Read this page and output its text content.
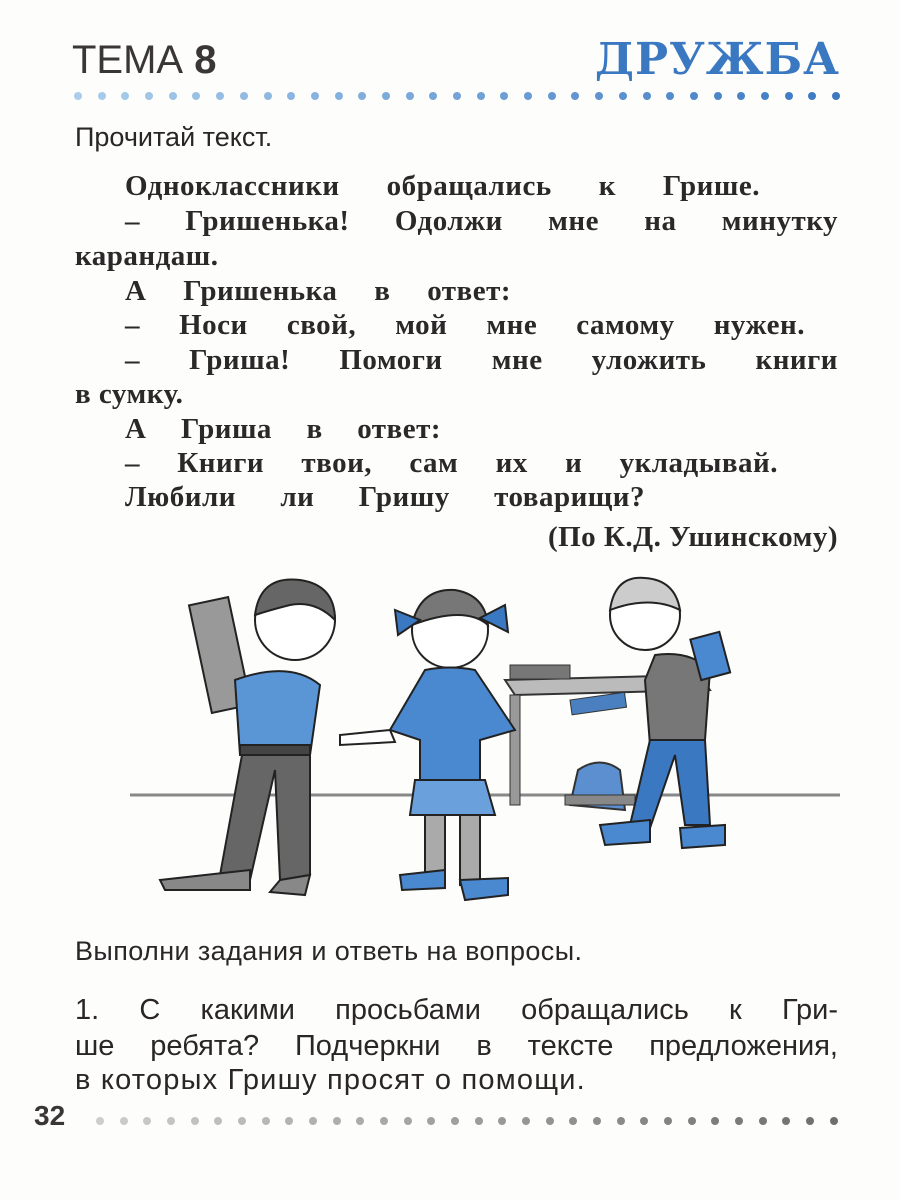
ТЕМА 8	ДРУЖБА
Прочитай текст.
Одноклассники обращались к Грише.
– Гришенька! Одолжи мне на минутку
карандаш.
А Гришенька в ответ:
– Носи свой, мой мне самому нужен.
– Гриша! Помоги мне уложить книги
в сумку.
А Гриша в ответ:
– Книги твои, сам их и укладывай.
Любили ли Гришу товарищи?
(По К.Д. Ушинскому)
Выполни задания и ответь на вопросы.
1. С какими просьбами обращались к Гри-
ше ребята? Подчеркни в тексте предложения,
в которых Гришу просят о помощи.
32
